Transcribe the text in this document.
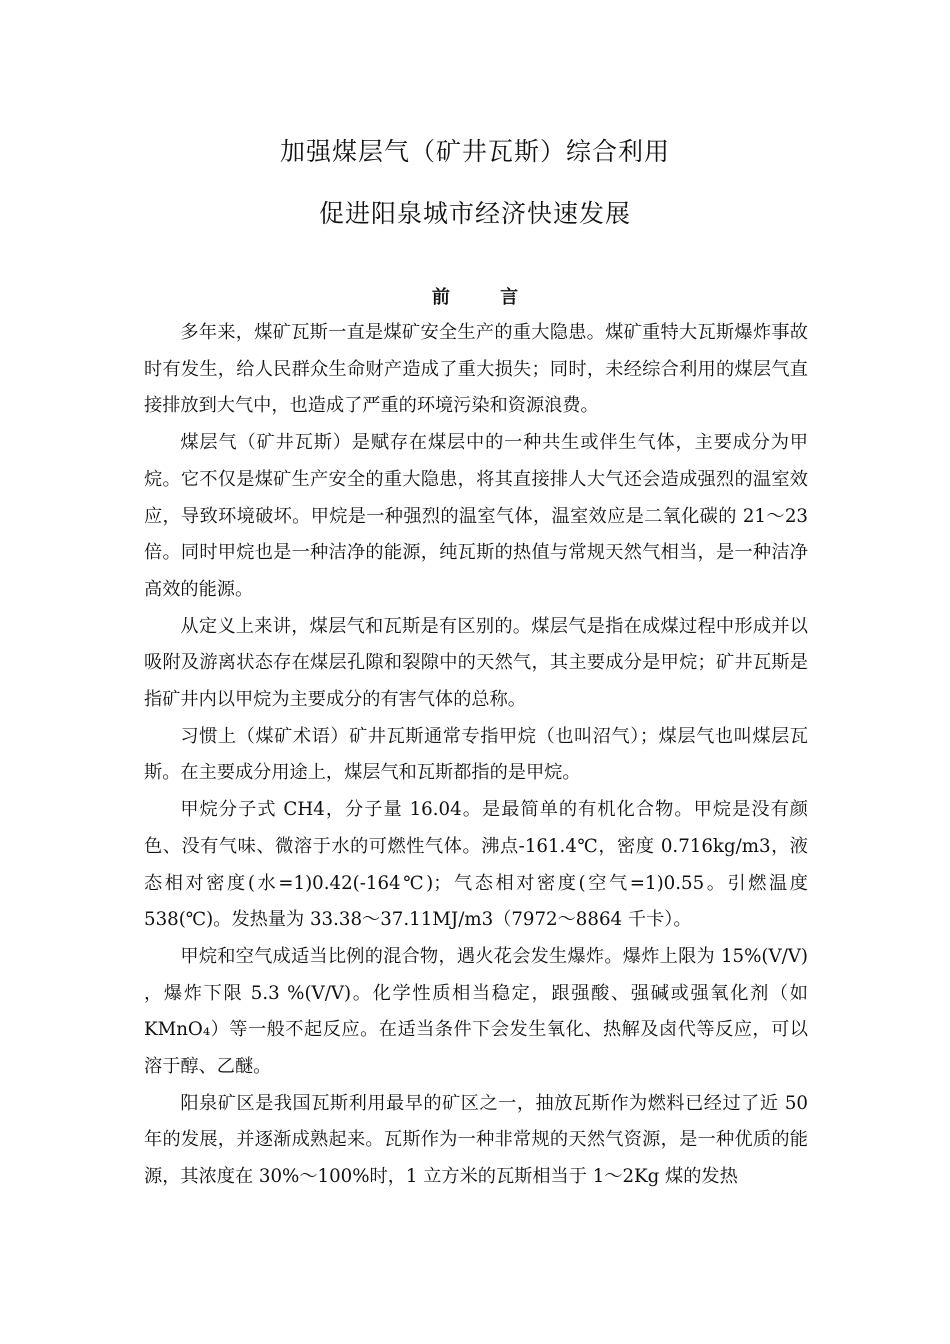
加强煤层气（矿井瓦斯）综合利用
促进阳泉城市经济快速发展
前 言

多年来，煤矿瓦斯一直是煤矿安全生产的重大隐患。煤矿重特大瓦斯爆炸事故时有发生，给人民群众生命财产造成了重大损失；同时，未经综合利用的煤层气直接排放到大气中，也造成了严重的环境污染和资源浪费。

煤层气（矿井瓦斯）是赋存在煤层中的一种共生或伴生气体，主要成分为甲烷。它不仅是煤矿生产安全的重大隐患，将其直接排人大气还会造成强烈的温室效应，导致环境破坏。甲烷是一种强烈的温室气体，温室效应是二氧化碳的 21～23 倍。同时甲烷也是一种洁净的能源，纯瓦斯的热值与常规天然气相当，是一种洁净高效的能源。

从定义上来讲，煤层气和瓦斯是有区别的。煤层气是指在成煤过程中形成并以吸附及游离状态存在煤层孔隙和裂隙中的天然气，其主要成分是甲烷；矿井瓦斯是指矿井内以甲烷为主要成分的有害气体的总称。

习惯上（煤矿术语）矿井瓦斯通常专指甲烷（也叫沼气）；煤层气也叫煤层瓦斯。在主要成分用途上，煤层气和瓦斯都指的是甲烷。

甲烷分子式 CH4，分子量 16.04。是最简单的有机化合物。甲烷是没有颜色、没有气味、微溶于水的可燃性气体。沸点-161.4℃，密度 0.716kg/m3，液态相对密度(水=1)0.42(-164℃)；气态相对密度(空气=1)0.55。引燃温度 538(℃)。发热量为 33.38～37.11MJ/m3（7972～8864 千卡）。

甲烷和空气成适当比例的混合物，遇火花会发生爆炸。爆炸上限为 15%(V/V) ，爆炸下限 5.3 %(V/V)。化学性质相当稳定，跟强酸、强碱或强氧化剂（如 KMnO₄）等一般不起反应。在适当条件下会发生氧化、热解及卤代等反应，可以溶于醇、乙醚。

阳泉矿区是我国瓦斯利用最早的矿区之一，抽放瓦斯作为燃料已经过了近 50 年的发展，并逐渐成熟起来。瓦斯作为一种非常规的天然气资源，是一种优质的能源，其浓度在 30%～100%时，1 立方米的瓦斯相当于 1～2Kg 煤的发热
